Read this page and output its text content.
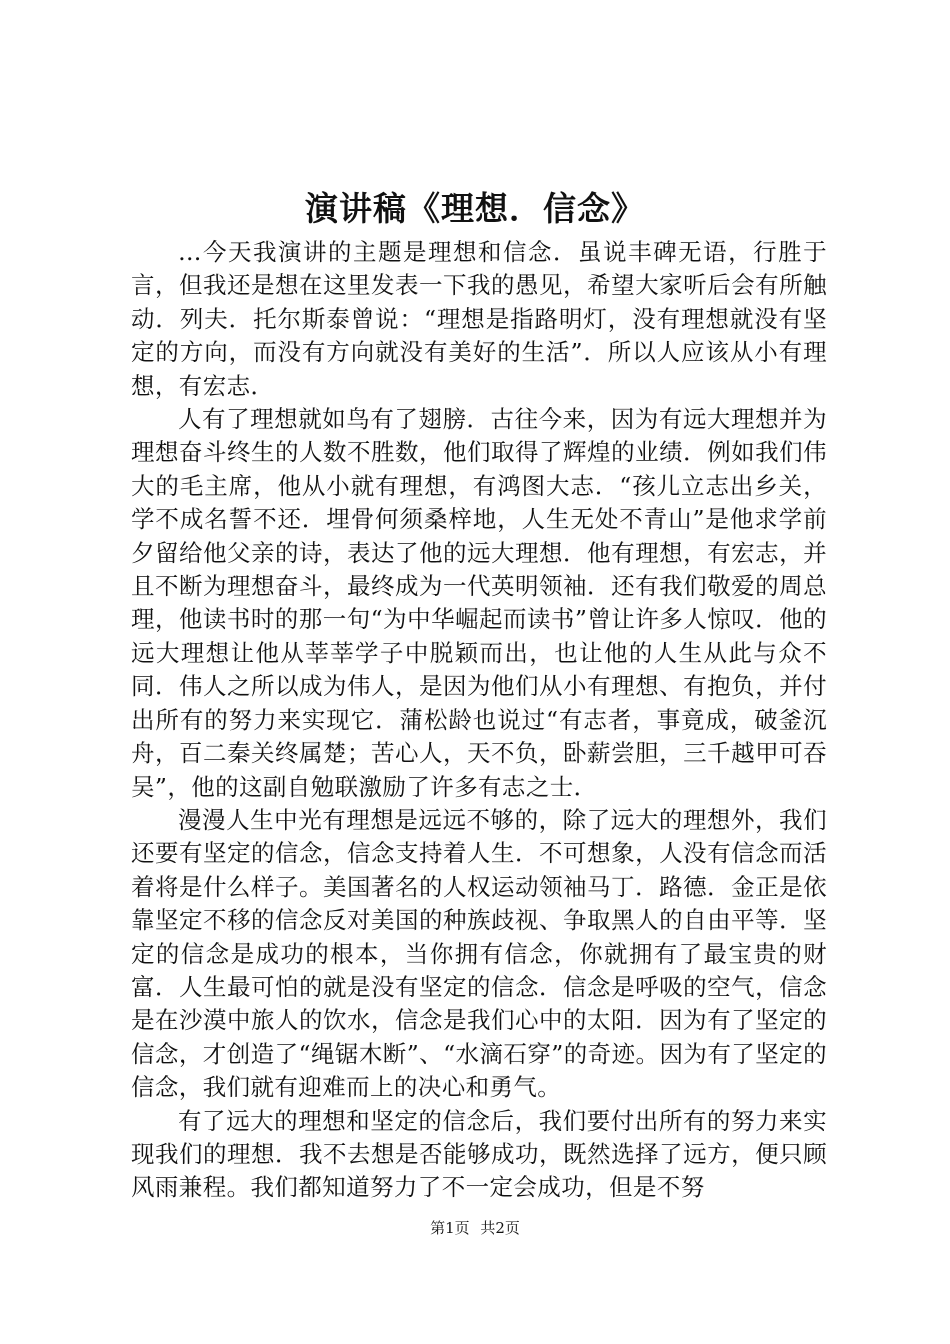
演讲稿《理想．信念》

…今天我演讲的主题是理想和信念．虽说丰碑无语，行胜于言，但我还是想在这里发表一下我的愚见，希望大家听后会有所触动．列夫．托尔斯泰曾说：“理想是指路明灯，没有理想就没有坚定的方向，而没有方向就没有美好的生活”．所以人应该从小有理想，有宏志．

人有了理想就如鸟有了翅膀．古往今来，因为有远大理想并为理想奋斗终生的人数不胜数，他们取得了辉煌的业绩．例如我们伟大的毛主席，他从小就有理想，有鸿图大志．“孩儿立志出乡关，学不成名誓不还．埋骨何须桑梓地，人生无处不青山”是他求学前夕留给他父亲的诗，表达了他的远大理想．他有理想，有宏志，并且不断为理想奋斗，最终成为一代英明领袖．还有我们敬爱的周总理，他读书时的那一句“为中华崛起而读书”曾让许多人惊叹．他的远大理想让他从莘莘学子中脱颖而出，也让他的人生从此与众不同．伟人之所以成为伟人，是因为他们从小有理想、有抱负，并付出所有的努力来实现它．蒲松龄也说过“有志者，事竟成，破釜沉舟，百二秦关终属楚；苦心人，天不负，卧薪尝胆，三千越甲可吞吴”，他的这副自勉联激励了许多有志之士．

漫漫人生中光有理想是远远不够的，除了远大的理想外，我们还要有坚定的信念，信念支持着人生．不可想象，人没有信念而活着将是什么样子。美国著名的人权运动领袖马丁．路德．金正是依靠坚定不移的信念反对美国的种族歧视、争取黑人的自由平等．坚定的信念是成功的根本，当你拥有信念，你就拥有了最宝贵的财富．人生最可怕的就是没有坚定的信念．信念是呼吸的空气，信念是在沙漠中旅人的饮水，信念是我们心中的太阳．因为有了坚定的信念，才创造了“绳锯木断”、“水滴石穿”的奇迹。因为有了坚定的信念，我们就有迎难而上的决心和勇气。

有了远大的理想和坚定的信念后，我们要付出所有的努力来实现我们的理想．我不去想是否能够成功，既然选择了远方，便只顾风雨兼程。我们都知道努力了不一定会成功，但是不努

第1页 共2页
